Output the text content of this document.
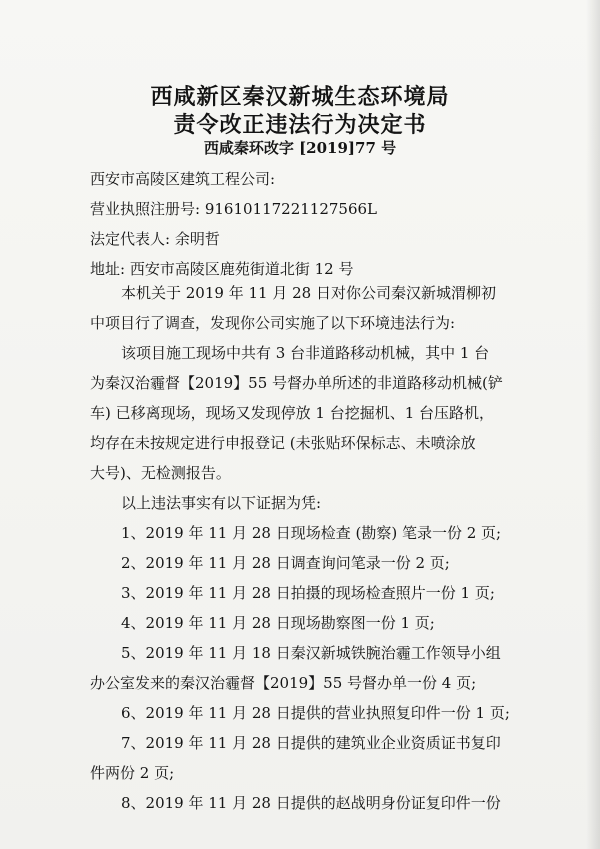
西咸新区秦汉新城生态环境局
责令改正违法行为决定书
西咸秦环改字 [2019]77 号
西安市高陵区建筑工程公司:
营业执照注册号: 91610117221127566L
法定代表人: 余明哲
地址: 西安市高陵区鹿苑街道北街 12 号
本机关于 2019 年 11 月 28 日对你公司秦汉新城渭柳初
中项目行了调查，发现你公司实施了以下环境违法行为:
该项目施工现场中共有 3 台非道路移动机械，其中 1 台
为秦汉治霾督【2019】55 号督办单所述的非道路移动机械(铲
车) 已移离现场，现场又发现停放 1 台挖掘机、1 台压路机，
均存在未按规定进行申报登记 (未张贴环保标志、未喷涂放
大号)、无检测报告。
以上违法事实有以下证据为凭:
1、2019 年 11 月 28 日现场检查 (勘察) 笔录一份 2 页;
2、2019 年 11 月 28 日调查询问笔录一份 2 页;
3、2019 年 11 月 28 日拍摄的现场检查照片一份 1 页;
4、2019 年 11 月 28 日现场勘察图一份 1 页;
5、2019 年 11 月 18 日秦汉新城铁腕治霾工作领导小组
办公室发来的秦汉治霾督【2019】55 号督办单一份 4 页;
6、2019 年 11 月 28 日提供的营业执照复印件一份 1 页;
7、2019 年 11 月 28 日提供的建筑业企业资质证书复印
件两份 2 页;
8、2019 年 11 月 28 日提供的赵战明身份证复印件一份
